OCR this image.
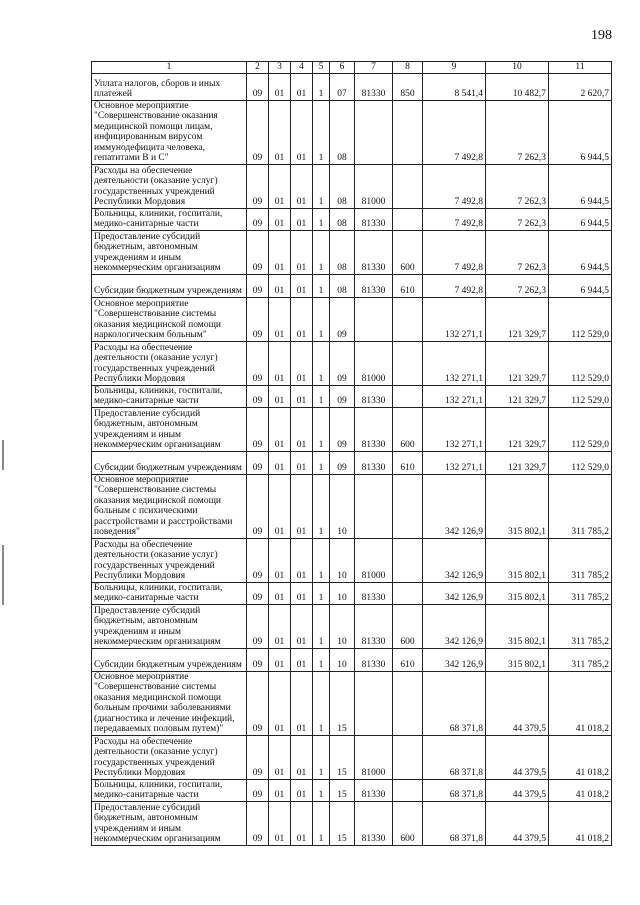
198
1	2	3	4	5	6	7	8	9	10	11
Уплата налогов, сборов и иных платежей	09	01	01	1	07	81330	850	8 541,4	10 482,7	2 620,7
Основное мероприятие "Совершенствование оказания медицинской помощи лицам, инфицированным вирусом иммунодефицита человека, гепатитами В и С"	09	01	01	1	08			7 492,8	7 262,3	6 944,5
Расходы на обеспечение деятельности (оказание услуг) государственных учреждений Республики Мордовия	09	01	01	1	08	81000		7 492,8	7 262,3	6 944,5
Больницы, клиники, госпитали, медико-санитарные части	09	01	01	1	08	81330		7 492,8	7 262,3	6 944,5
Предоставление субсидий бюджетным, автономным учреждениям и иным некоммерческим организациям	09	01	01	1	08	81330	600	7 492,8	7 262,3	6 944,5
Субсидии бюджетным учреждениям	09	01	01	1	08	81330	610	7 492,8	7 262,3	6 944,5
Основное мероприятие "Совершенствование системы оказания медицинской помощи наркологическим больным"	09	01	01	1	09			132 271,1	121 329,7	112 529,0
Расходы на обеспечение деятельности (оказание услуг) государственных учреждений Республики Мордовия	09	01	01	1	09	81000		132 271,1	121 329,7	112 529,0
Больницы, клиники, госпитали, медико-санитарные части	09	01	01	1	09	81330		132 271,1	121 329,7	112 529,0
Предоставление субсидий бюджетным, автономным учреждениям и иным некоммерческим организациям	09	01	01	1	09	81330	600	132 271,1	121 329,7	112 529,0
Субсидии бюджетным учреждениям	09	01	01	1	09	81330	610	132 271,1	121 329,7	112 529,0
Основное мероприятие "Совершенствование системы оказания медицинской помощи больным с психическими расстройствами и расстройствами поведения"	09	01	01	1	10			342 126,9	315 802,1	311 785,2
Расходы на обеспечение деятельности (оказание услуг) государственных учреждений Республики Мордовия	09	01	01	1	10	81000		342 126,9	315 802,1	311 785,2
Больницы, клиники, госпитали, медико-санитарные части	09	01	01	1	10	81330		342 126,9	315 802,1	311 785,2
Предоставление субсидий бюджетным, автономным учреждениям и иным некоммерческим организациям	09	01	01	1	10	81330	600	342 126,9	315 802,1	311 785,2
Субсидии бюджетным учреждениям	09	01	01	1	10	81330	610	342 126,9	315 802,1	311 785,2
Основное мероприятие "Совершенствование системы оказания медицинской помощи больным прочими заболеваниями (диагностика и лечение инфекций, передаваемых половым путем)"	09	01	01	1	15			68 371,8	44 379,5	41 018,2
Расходы на обеспечение деятельности (оказание услуг) государственных учреждений Республики Мордовия	09	01	01	1	15	81000		68 371,8	44 379,5	41 018,2
Больницы, клиники, госпитали, медико-санитарные части	09	01	01	1	15	81330		68 371,8	44 379,5	41 018,2
Предоставление субсидий бюджетным, автономным учреждениям и иным некоммерческим организациям	09	01	01	1	15	81330	600	68 371,8	44 379,5	41 018,2
